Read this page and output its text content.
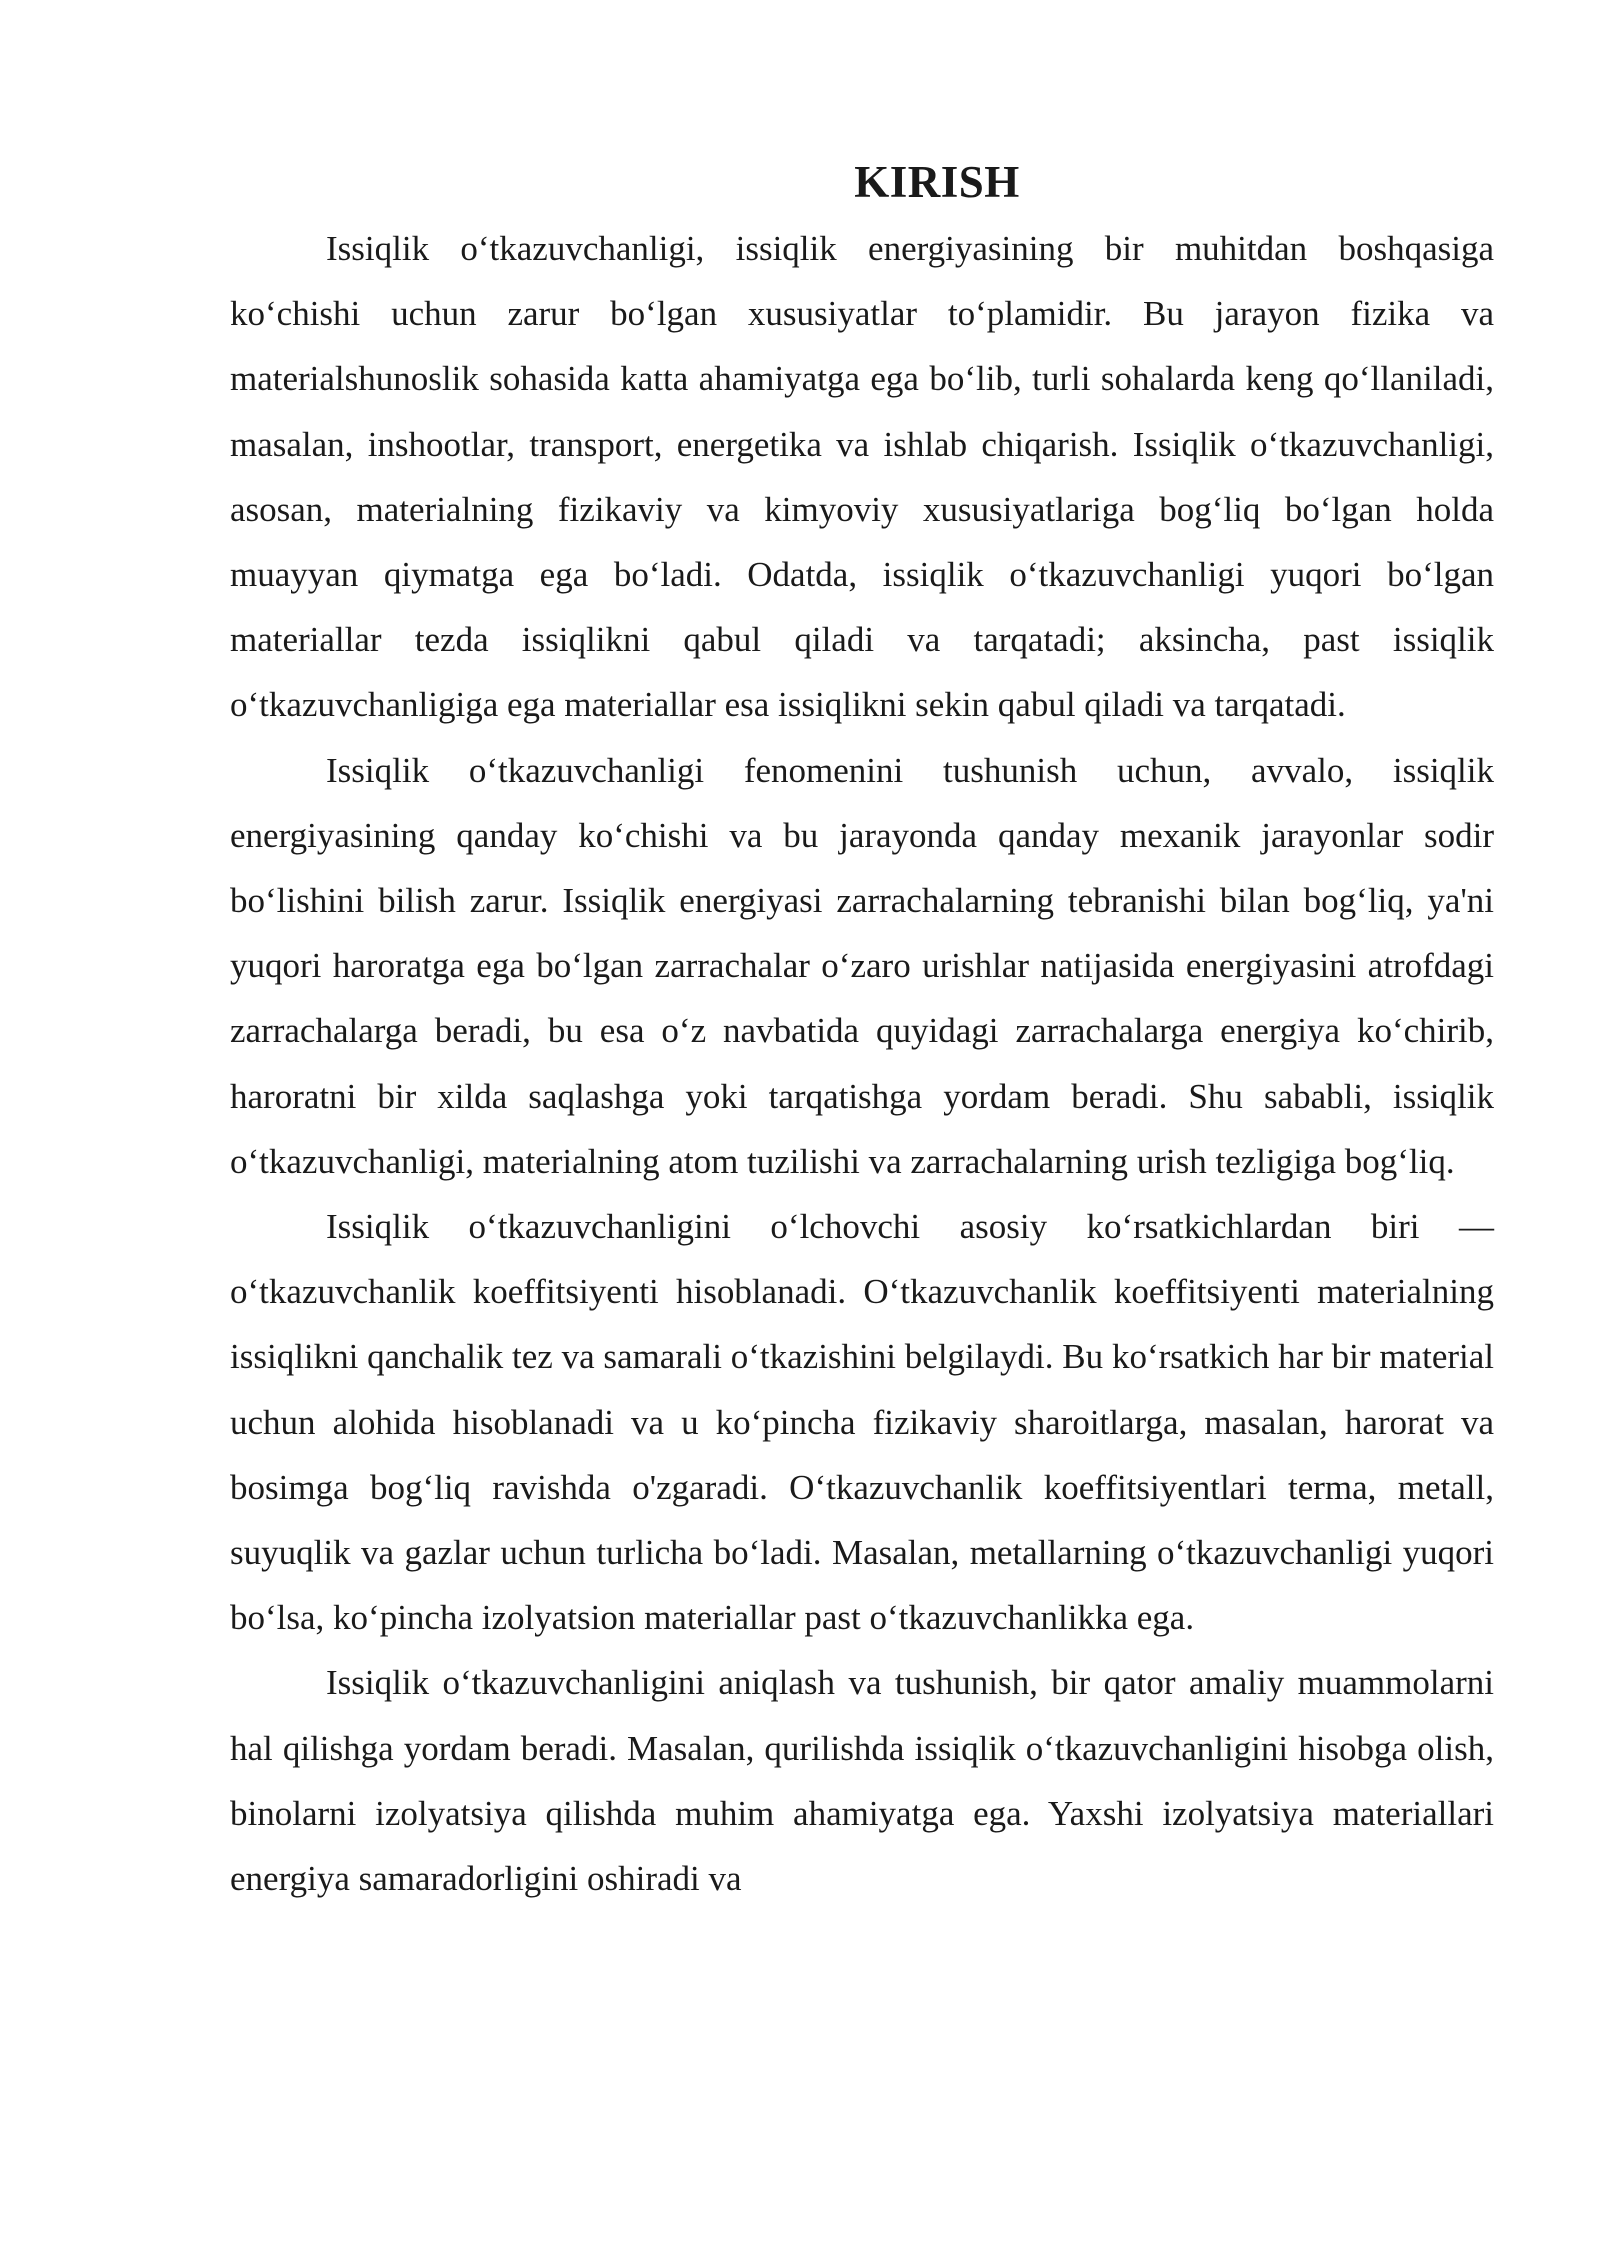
KIRISH

Issiqlik o‘tkazuvchanligi, issiqlik energiyasining bir muhitdan boshqasiga ko‘chishi uchun zarur bo‘lgan xususiyatlar to‘plamidir. Bu jarayon fizika va materialshunoslik sohasida katta ahamiyatga ega bo‘lib, turli sohalarda keng qo‘llaniladi, masalan, inshootlar, transport, energetika va ishlab chiqarish. Issiqlik o‘tkazuvchanligi, asosan, materialning fizikaviy va kimyoviy xususiyatlariga bog‘liq bo‘lgan holda muayyan qiymatga ega bo‘ladi. Odatda, issiqlik o‘tkazuvchanligi yuqori bo‘lgan materiallar tezda issiqlikni qabul qiladi va tarqatadi; aksincha, past issiqlik o‘tkazuvchanligiga ega materiallar esa issiqlikni sekin qabul qiladi va tarqatadi.

Issiqlik o‘tkazuvchanligi fenomenini tushunish uchun, avvalo, issiqlik energiyasining qanday ko‘chishi va bu jarayonda qanday mexanik jarayonlar sodir bo‘lishini bilish zarur. Issiqlik energiyasi zarrachalarning tebranishi bilan bog‘liq, ya'ni yuqori haroratga ega bo‘lgan zarrachalar o‘zaro urishlar natijasida energiyasini atrofdagi zarrachalarga beradi, bu esa o‘z navbatida quyidagi zarrachalarga energiya ko‘chirib, haroratni bir xilda saqlashga yoki tarqatishga yordam beradi. Shu sababli, issiqlik o‘tkazuvchanligi, materialning atom tuzilishi va zarrachalarning urish tezligiga bog‘liq.

Issiqlik o‘tkazuvchanligini o‘lchovchi asosiy ko‘rsatkichlardan biri — o‘tkazuvchanlik koeffitsiyenti hisoblanadi. O‘tkazuvchanlik koeffitsiyenti materialning issiqlikni qanchalik tez va samarali o‘tkazishini belgilaydi. Bu ko‘rsatkich har bir material uchun alohida hisoblanadi va u ko‘pincha fizikaviy sharoitlarga, masalan, harorat va bosimga bog‘liq ravishda o'zgaradi. O‘tkazuvchanlik koeffitsiyentlari terma, metall, suyuqlik va gazlar uchun turlicha bo‘ladi. Masalan, metallarning o‘tkazuvchanligi yuqori bo‘lsa, ko‘pincha izolyatsion materiallar past o‘tkazuvchanlikka ega.

Issiqlik o‘tkazuvchanligini aniqlash va tushunish, bir qator amaliy muammolarni hal qilishga yordam beradi. Masalan, qurilishda issiqlik o‘tkazuvchanligini hisobga olish, binolarni izolyatsiya qilishda muhim ahamiyatga ega. Yaxshi izolyatsiya materiallari energiya samaradorligini oshiradi va
